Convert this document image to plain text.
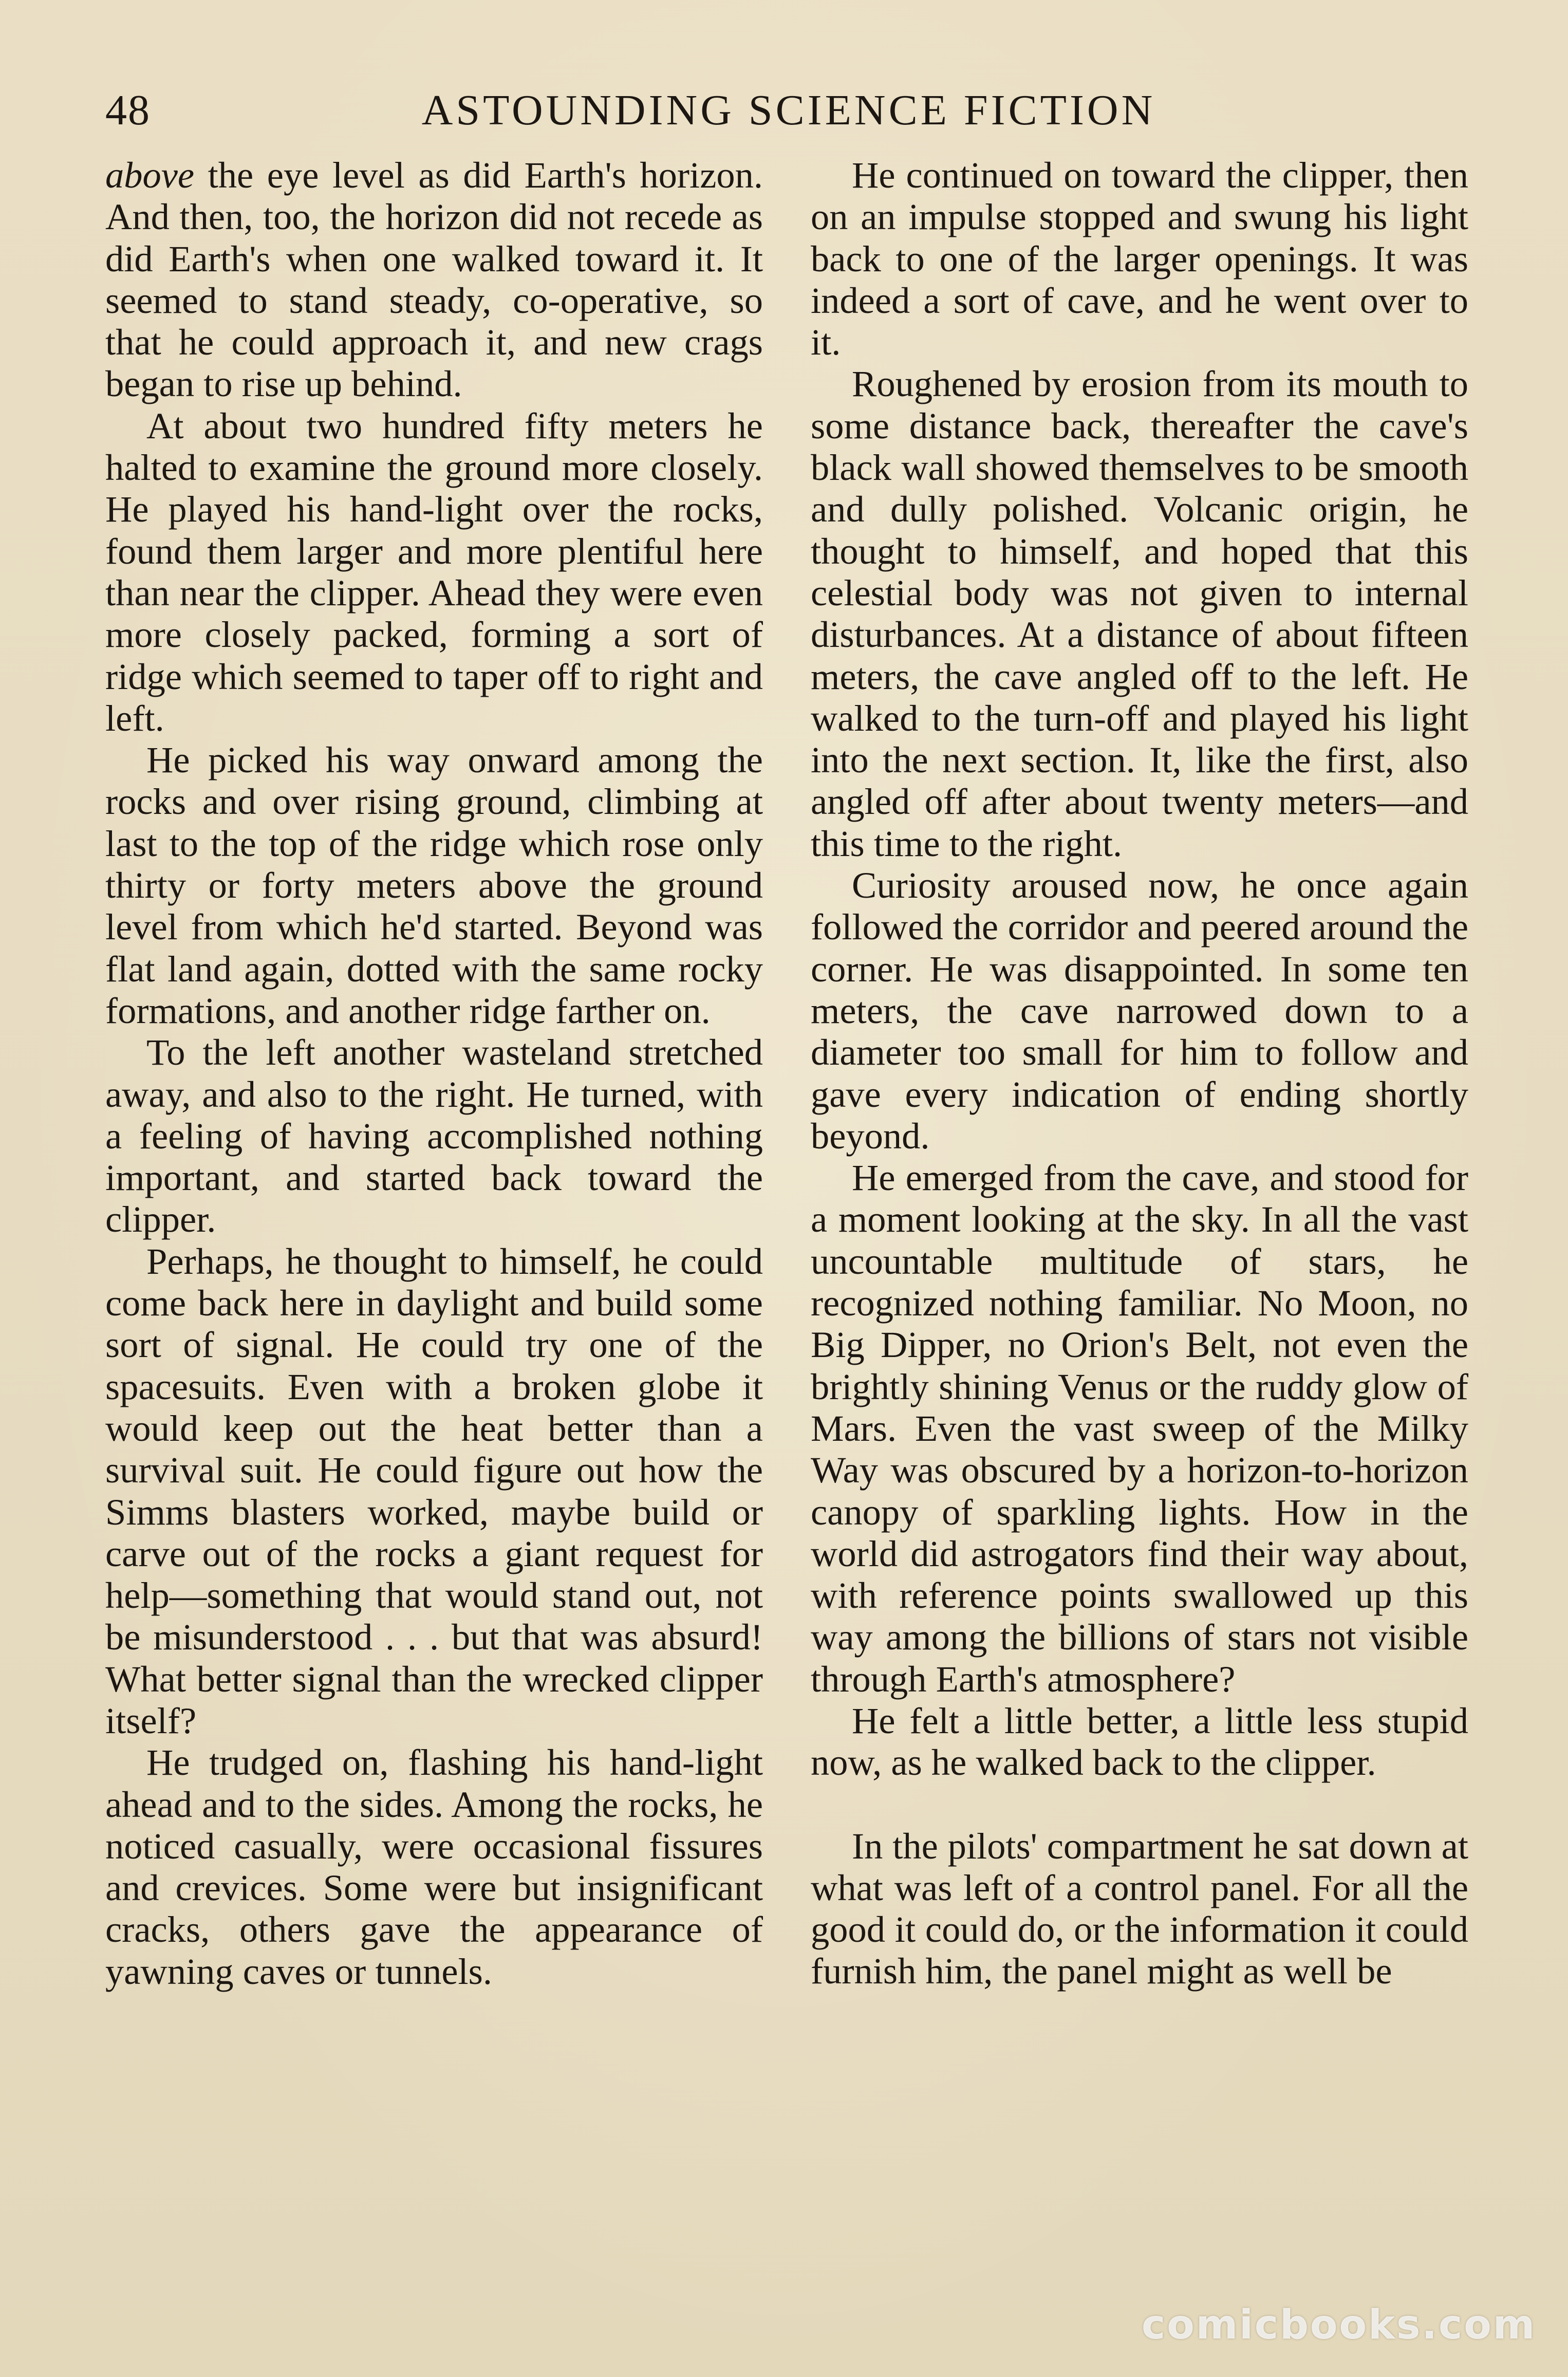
48	ASTOUNDING SCIENCE FICTION

above the eye level as did Earth's horizon. And then, too, the horizon did not recede as did Earth's when one walked toward it. It seemed to stand steady, co-operative, so that he could approach it, and new crags began to rise up behind.

At about two hundred fifty meters he halted to examine the ground more closely. He played his hand-light over the rocks, found them larger and more plentiful here than near the clipper. Ahead they were even more closely packed, forming a sort of ridge which seemed to taper off to right and left.

He picked his way onward among the rocks and over rising ground, climbing at last to the top of the ridge which rose only thirty or forty meters above the ground level from which he'd started. Beyond was flat land again, dotted with the same rocky formations, and another ridge farther on.

To the left another wasteland stretched away, and also to the right. He turned, with a feeling of having accomplished nothing important, and started back toward the clipper.

Perhaps, he thought to himself, he could come back here in daylight and build some sort of signal. He could try one of the spacesuits. Even with a broken globe it would keep out the heat better than a survival suit. He could figure out how the Simms blasters worked, maybe build or carve out of the rocks a giant request for help—something that would stand out, not be misunderstood . . . but that was absurd! What better signal than the wrecked clipper itself?

He trudged on, flashing his hand-light ahead and to the sides. Among the rocks, he noticed casually, were occasional fissures and crevices. Some were but insignificant cracks, others gave the appearance of yawning caves or tunnels.

He continued on toward the clipper, then on an impulse stopped and swung his light back to one of the larger openings. It was indeed a sort of cave, and he went over to it.

Roughened by erosion from its mouth to some distance back, thereafter the cave's black wall showed themselves to be smooth and dully polished. Volcanic origin, he thought to himself, and hoped that this celestial body was not given to internal disturbances. At a distance of about fifteen meters, the cave angled off to the left. He walked to the turn-off and played his light into the next section. It, like the first, also angled off after about twenty meters—and this time to the right.

Curiosity aroused now, he once again followed the corridor and peered around the corner. He was disappointed. In some ten meters, the cave narrowed down to a diameter too small for him to follow and gave every indication of ending shortly beyond.

He emerged from the cave, and stood for a moment looking at the sky. In all the vast uncountable multitude of stars, he recognized nothing familiar. No Moon, no Big Dipper, no Orion's Belt, not even the brightly shining Venus or the ruddy glow of Mars. Even the vast sweep of the Milky Way was obscured by a horizon-to-horizon canopy of sparkling lights. How in the world did astrogators find their way about, with reference points swallowed up this way among the billions of stars not visible through Earth's atmosphere?

He felt a little better, a little less stupid now, as he walked back to the clipper.

In the pilots' compartment he sat down at what was left of a control panel. For all the good it could do, or the information it could furnish him, the panel might as well be

comicbooks.com
